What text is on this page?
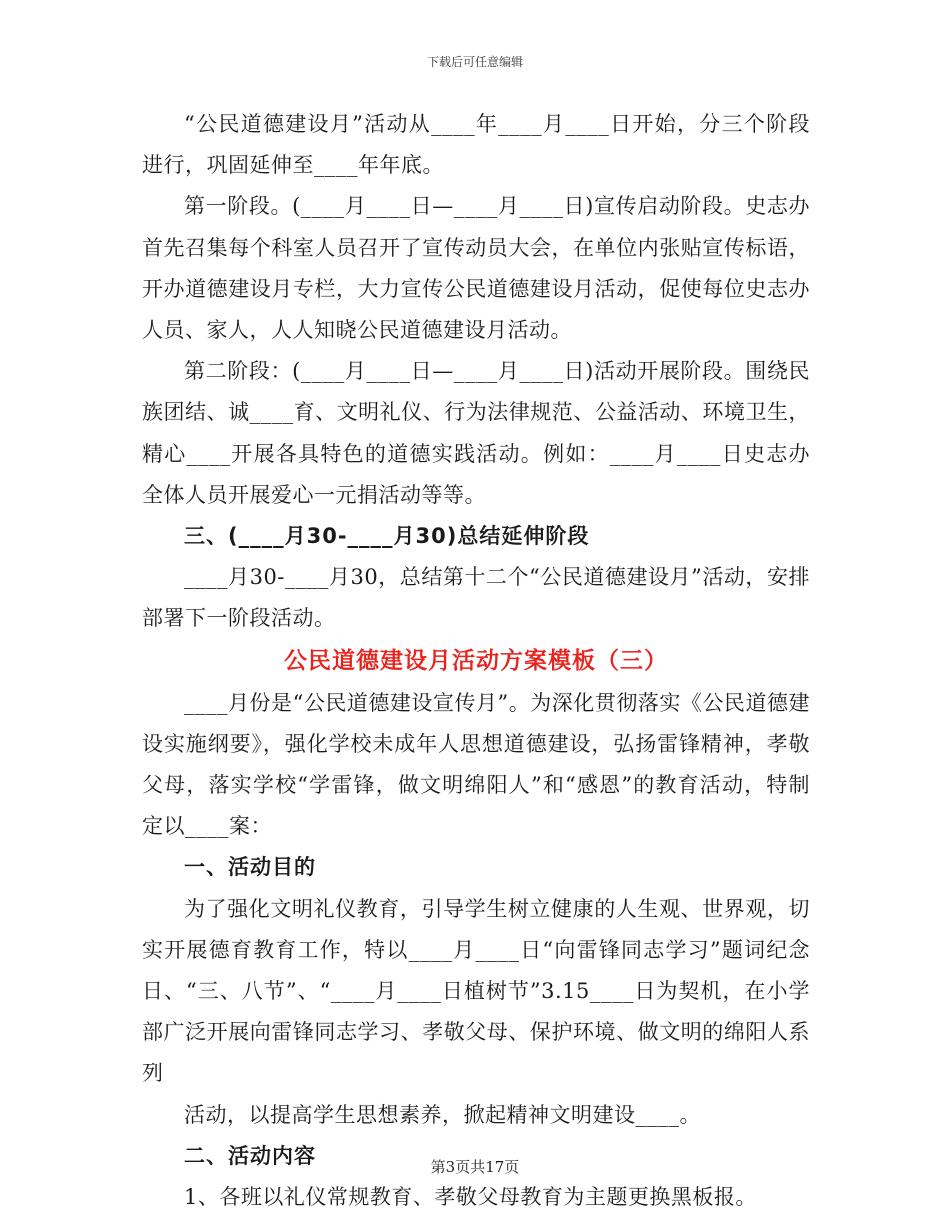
下载后可任意编辑

“公民道德建设月”活动从____年____月____日开始，分三个阶段进行，巩固延伸至____年年底。

第一阶段。(____月____日—____月____日)宣传启动阶段。史志办首先召集每个科室人员召开了宣传动员大会，在单位内张贴宣传标语，开办道德建设月专栏，大力宣传公民道德建设月活动，促使每位史志办人员、家人，人人知晓公民道德建设月活动。

第二阶段：(____月____日—____月____日)活动开展阶段。围绕民族团结、诚____育、文明礼仪、行为法律规范、公益活动、环境卫生，精心____开展各具特色的道德实践活动。例如：____月____日史志办全体人员开展爱心一元捐活动等等。

三、(____月30-____月30)总结延伸阶段

____月30-____月30，总结第十二个“公民道德建设月”活动，安排部署下一阶段活动。

公民道德建设月活动方案模板（三）

____月份是“公民道德建设宣传月”。为深化贯彻落实《公民道德建设实施纲要》，强化学校未成年人思想道德建设，弘扬雷锋精神，孝敬父母，落实学校“学雷锋，做文明绵阳人”和“感恩”的教育活动，特制定以____案：

一、活动目的

为了强化文明礼仪教育，引导学生树立健康的人生观、世界观，切实开展德育教育工作，特以____月____日“向雷锋同志学习”题词纪念日、“三、八节”、“____月____日植树节”3.15____日为契机，在小学部广泛开展向雷锋同志学习、孝敬父母、保护环境、做文明的绵阳人系列

活动，以提高学生思想素养，掀起精神文明建设____。

二、活动内容

1、各班以礼仪常规教育、孝敬父母教育为主题更换黑板报。

第3页共17页
